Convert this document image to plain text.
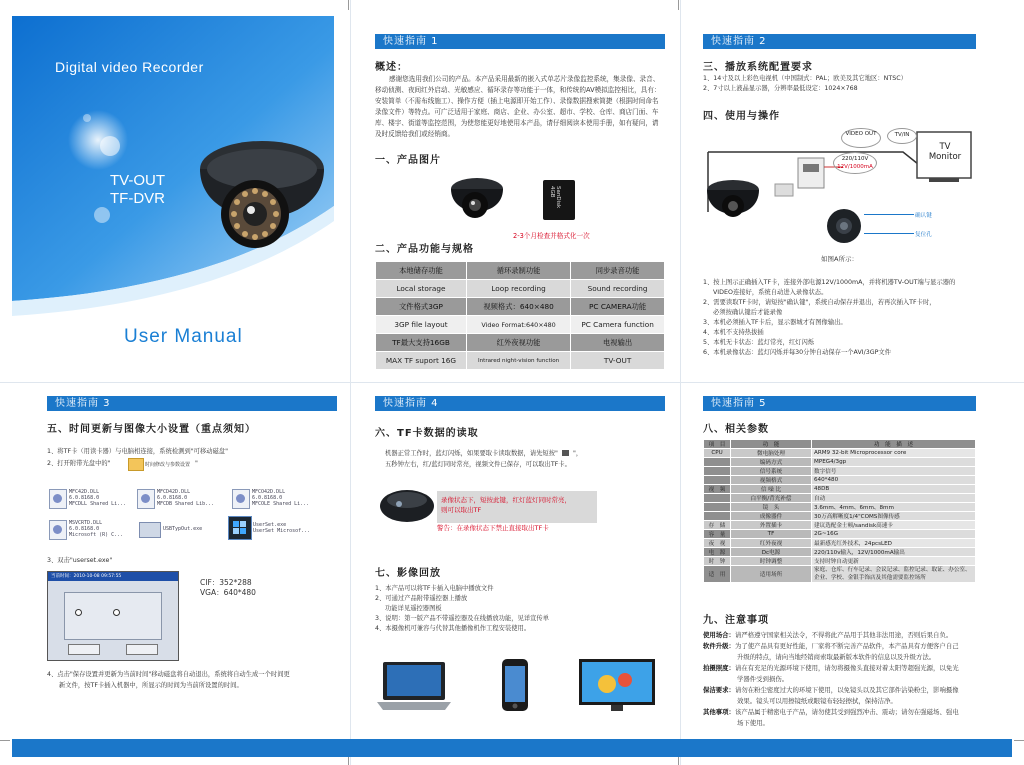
Digital video Recorder
TV-OUT
TF-DVR
User Manual
快速指南 1
概述：
感谢您选用我们公司的产品。本产品采用最新的嵌入式单芯片录像监控系统，集录像、录音、移动侦测、夜间红外启动、光敏感应、循环录存等功能于一体，和传统的AV模拟监控相比，具有：安装简单（不需布线施工）、操作方便（插上电源即开始工作）、录像数据搜索简捷（根据时间命名录像文件）等特点。可广泛适用于家庭、商店、企业、办公室、超市、学校、仓库、商店门面、车库、楼宇、街道等监控范围，为使您能更好地使用本产品，请仔细阅读本使用手册，如有疑问，请及时反馈给我们或经销商。
一、产品图片
SanDisk 4GB
2-3个月检查并格式化一次
二、产品功能与规格
本地储存功能	循环录制功能	同步录音功能
Local storage	Loop recording	Sound recording
文件格式3GP	视频格式：640×480	PC CAMERA功能
3GP file layout	Video Format:640×480	PC Camera function
TF最大支持16GB	红外夜视功能	电视输出
MAX TF suport 16G	Intrared night-vision function	TV-OUT
快速指南 2
三、播放系统配置要求
1、14寸及以上彩色电视机（中国制式：PAL；欧美及其它地区：NTSC）
2、7寸以上液晶显示器，分辨率最低设定：1024×768
四、使用与操作
VIDEO OUT	TV/IN
TV Monitor
220/110V
12V/1000mA
确认键
复位孔
如图A所示：
1、按上图示正确插入TF卡，连接外部电源12V/1000mA，并将机器TV-OUT端与显示器的
VIDEO连接好，系统自动进入录像状态。
2、需要读取TF卡时，请短按"确认键"，系统自动保存并退出，若再次插入TF卡时，
必须按确认键后才能录像
3、本机必须插入TF卡后，显示器城才有图像输出。
4、本机不支持热拔插
5、本机无卡状态：蓝灯常亮，红灯闪烁
6、本机录像状态：蓝灯闪烁并每30分钟自动保存一个AVI/3GP文件
快速指南 3
五、时间更新与图像大小设置（重点须知）
1、将TF卡（用读卡器）与电脑相连接，系统检测到"可移动磁盘"
2、打开附带光盘中的"	时间修改与参数设置 "
MFC42D.DLL
6.0.8168.0
MFCDLL Shared Li...
MFCD42D.DLL
6.0.8168.0
MFCDB Shared Lib...
MFCO42D.DLL
6.0.8168.0
MFCOLE Shared Li...
MSVCRTD.DLL
6.0.8168.0
Microsoft (R) C...
USBTypOut.exe
UserSet.exe
UserSet Microsof...
3、双击"userset.exe"
当前时间：2010-10-08 09:57:55
CIF：352*288
VGA：640*480
4、点击"保存设置并更新为当前时间"移动磁盘将自动退出，系统将自动生成一个时间更
新文件，按TF卡插入机器中，所显示的时间为当前所设置的时间。
快速指南 4
六、TF卡数据的读取
机器正常工作时，蓝灯闪烁，如果要取卡读取数据，请先短按" "，
五秒钟左右，红/蓝灯同时常亮，视频文件已保存，可以取出TF卡。
录像状态下，短按此键，红灯蓝灯同时常亮，
则可以取出TF
警告：在录像状态下禁止直接取出TF卡
七、影像回放
1、本产品可以将TF卡插入电脑中播放文件
2、可通过产品附带遥控器上播放
功能详见遥控器图板
3、说明：第一版产品不带遥控器及在线播放功能，见详宣传单
4、本摄像机可兼容与代替其他播像机作工程安装使用。
快速指南 5
八、相关参数
项　目	功　能	功　能　描　述
CPU	微电脑处理	ARM9 32-bit Microprocessor core
	编码方式	MPEG4/3gp
	信号系统	数字信号
	视频格式	640*480
视　频	信 噪 比	48DB
	白平衡/背光补偿	自动
	镜　头	3.6mm、4mm、6mm、8mm
	成像器件	30万高解晰度1/4"COMS图像传感
存　储	外置插卡	建议选配金士顿/sandisk高速卡
容　量	TF	2G~16G
夜　视	红外夜视	最新感光红外技术，24pcsLED
电　源	Dc电源	220/110v输入，12V/1000mA输出
时　钟	时钟调整	支持时钟自动更新
适　用	适用场所	家庭、仓库、行车记录、会议记录、监控记录、取证、办公室、企业、学校、金银手饰店及其他需要监控场所
九、注意事项
使用场合：请严格遵守国家相关法令，不得将此产品用于其他非法用途，否则后果自负。
软件升级：为了使产品具有更好性能，厂家将不断完善产品软件，本产品具有方便客户自己
升级的特点，请向当地经销商索取最新版本软件的信息以及升级方法。
拍摄照度：请在有充足的光源环境下使用，请勿将摄像头直接对着太阳等超强光源，以免光
学器件受到损伤。
保洁要求：请勿在粉尘密度过大的环境下使用，以免镜头以及其它部件沾染粉尘，影响摄像
效果。镜头可以用擦镜纸或眼镜布轻轻擦拭，保持洁净。
其他事项：该产品属于精密电子产品，请勿使其受到强烈冲击、震动；请勿在强磁场、强电
场下使用。
